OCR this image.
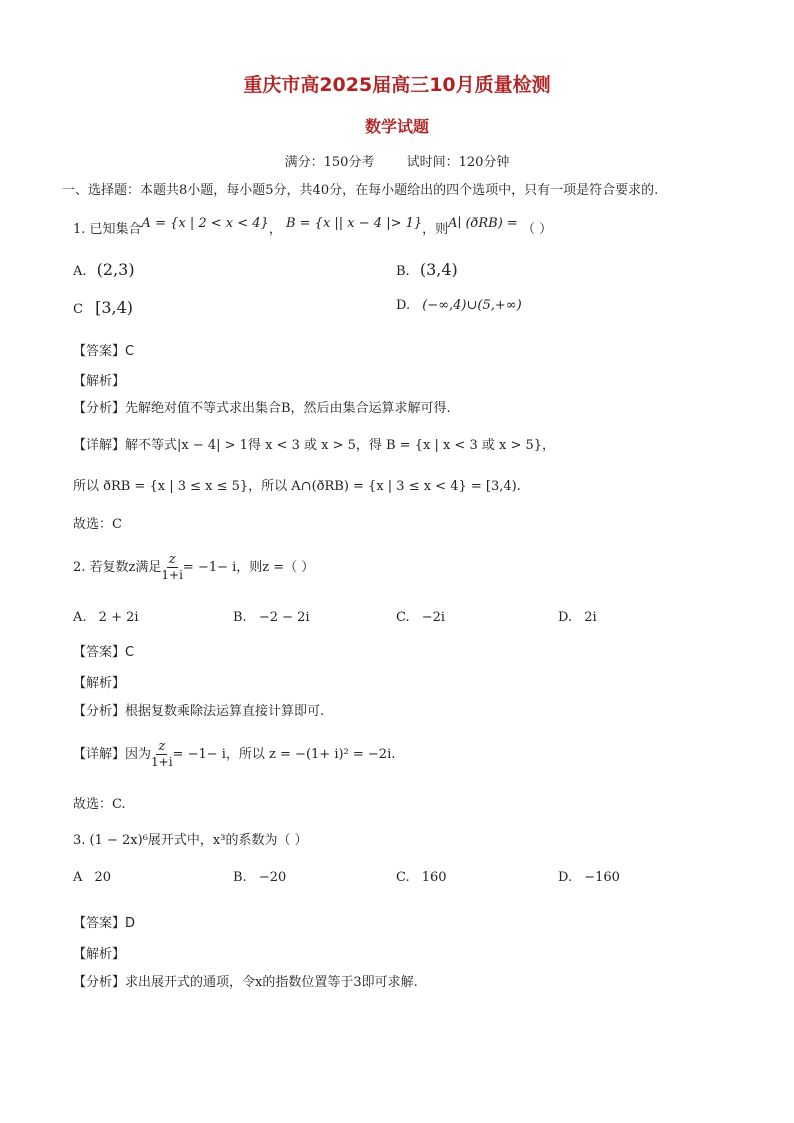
重庆市高2025届高三10月质量检测
数学试题
满分：150分考 试时间：120分钟
一、选择题：本题共8小题，每小题5分，共40分，在每小题给出的四个选项中，只有一项是符合要求的.
1. 已知集合A = {x | 2 < x < 4}， B = {x || x − 4 |> 1}，则A∣ (ðRB) = （ ）
A. (2,3)	B. (3,4)
C [3,4)	D. (−∞,4)∪(5,+∞)
【答案】C
【解析】
【分析】先解绝对值不等式求出集合B，然后由集合运算求解可得.
【详解】解不等式|x − 4| > 1得 x < 3 或 x > 5，得 B = {x | x < 3 或 x > 5}，
所以 ðRB = {x | 3 ≤ x ≤ 5}，所以 A∩(ðRB) = {x | 3 ≤ x < 4} = [3,4).
故选：C
2. 若复数z满足 $\frac{z}{1+i} = -1- i$，则z =（ ）
A. 2 + 2i	B. −2 − 2i	C. −2i	D. 2i
【答案】C
【解析】
【分析】根据复数乘除法运算直接计算即可.
【详解】因为 $\frac{z}{1+i} = -1- i$，所以 z = −(1+ i)² = −2i.
故选：C.
3. (1 − 2x)⁶展开式中，x³的系数为（ ）
A 20	B. −20	C. 160	D. −160
【答案】D
【解析】
【分析】求出展开式的通项，令x的指数位置等于3即可求解.
